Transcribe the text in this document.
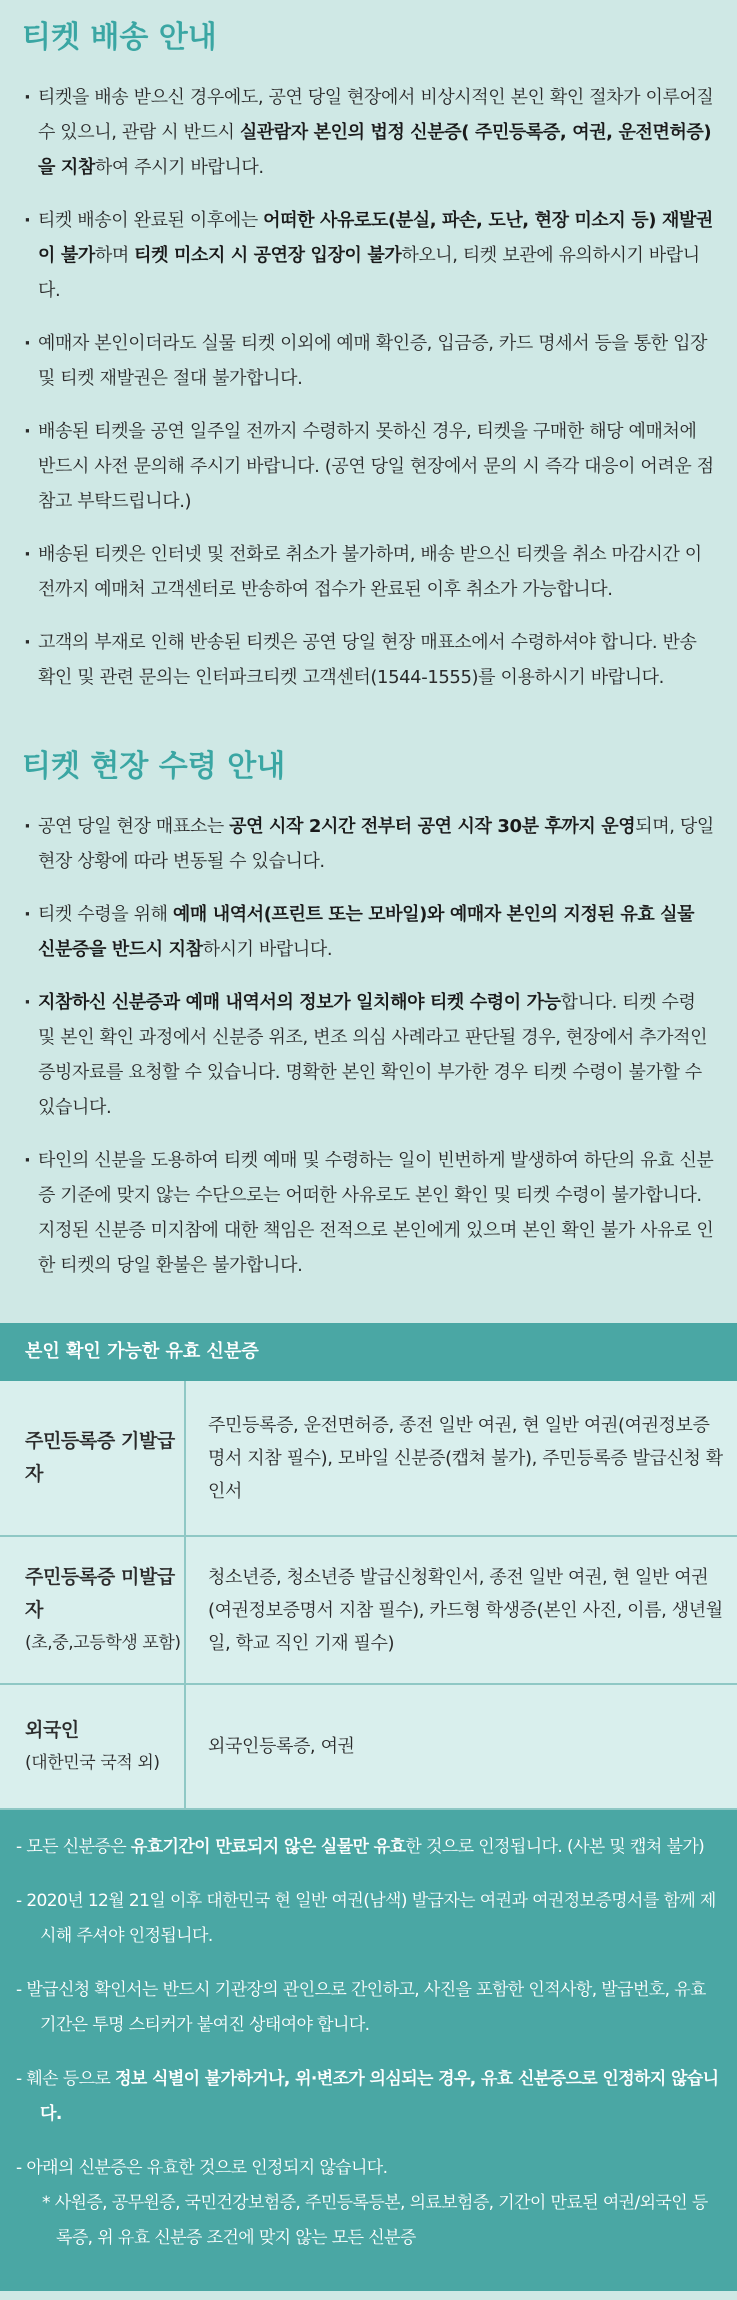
티켓 배송 안내
· 티켓을 배송 받으신 경우에도, 공연 당일 현장에서 비상시적인 본인 확인 절차가 이루어질 수 있으니, 관람 시 반드시 실관람자 본인의 법정 신분증( 주민등록증, 여권, 운전면허증)을 지참하여 주시기 바랍니다.
· 티켓 배송이 완료된 이후에는 어떠한 사유로도(분실, 파손, 도난, 현장 미소지 등) 재발권이 불가하며 티켓 미소지 시 공연장 입장이 불가하오니, 티켓 보관에 유의하시기 바랍니다.
· 예매자 본인이더라도 실물 티켓 이외에 예매 확인증, 입금증, 카드 명세서 등을 통한 입장 및 티켓 재발권은 절대 불가합니다.
· 배송된 티켓을 공연 일주일 전까지 수령하지 못하신 경우, 티켓을 구매한 해당 예매처에 반드시 사전 문의해 주시기 바랍니다. (공연 당일 현장에서 문의 시 즉각 대응이 어려운 점 참고 부탁드립니다.)
· 배송된 티켓은 인터넷 및 전화로 취소가 불가하며, 배송 받으신 티켓을 취소 마감시간 이전까지 예매처 고객센터로 반송하여 접수가 완료된 이후 취소가 가능합니다.
· 고객의 부재로 인해 반송된 티켓은 공연 당일 현장 매표소에서 수령하셔야 합니다. 반송 확인 및 관련 문의는 인터파크티켓 고객센터(1544-1555)를 이용하시기 바랍니다.
티켓 현장 수령 안내
· 공연 당일 현장 매표소는 공연 시작 2시간 전부터 공연 시작 30분 후까지 운영되며, 당일 현장 상황에 따라 변동될 수 있습니다.
· 티켓 수령을 위해 예매 내역서(프린트 또는 모바일)와 예매자 본인의 지정된 유효 실물 신분증을 반드시 지참하시기 바랍니다.
· 지참하신 신분증과 예매 내역서의 정보가 일치해야 티켓 수령이 가능합니다. 티켓 수령 및 본인 확인 과정에서 신분증 위조, 변조 의심 사례라고 판단될 경우, 현장에서 추가적인 증빙자료를 요청할 수 있습니다. 명확한 본인 확인이 부가한 경우 티켓 수령이 불가할 수 있습니다.
· 타인의 신분을 도용하여 티켓 예매 및 수령하는 일이 빈번하게 발생하여 하단의 유효 신분증 기준에 맞지 않는 수단으로는 어떠한 사유로도 본인 확인 및 티켓 수령이 불가합니다. 지정된 신분증 미지참에 대한 책임은 전적으로 본인에게 있으며 본인 확인 불가 사유로 인한 티켓의 당일 환불은 불가합니다.
본인 확인 가능한 유효 신분증
주민등록증 기발급자	주민등록증, 운전면허증, 종전 일반 여권, 현 일반 여권(여권정보증명서 지참 필수), 모바일 신분증(캡쳐 불가), 주민등록증 발급신청 확인서

주민등록증 미발급자
(초,중,고등학생 포함)	청소년증, 청소년증 발급신청확인서, 종전 일반 여권, 현 일반 여권(여권정보증명서 지참 필수), 카드형 학생증(본인 사진, 이름, 생년월일, 학교 직인 기재 필수)

외국인
(대한민국 국적 외)	외국인등록증, 여권
- 모든 신분증은 유효기간이 만료되지 않은 실물만 유효한 것으로 인정됩니다. (사본 및 캡쳐 불가)
- 2020년 12월 21일 이후 대한민국 현 일반 여권(남색) 발급자는 여권과 여권정보증명서를 함께 제시해 주셔야 인정됩니다.
- 발급신청 확인서는 반드시 기관장의 관인으로 간인하고, 사진을 포함한 인적사항, 발급번호, 유효기간은 투명 스티커가 붙여진 상태여야 합니다.
- 훼손 등으로 정보 식별이 불가하거나, 위·변조가 의심되는 경우, 유효 신분증으로 인정하지 않습니다.
- 아래의 신분증은 유효한 것으로 인정되지 않습니다.
* 사원증, 공무원증, 국민건강보험증, 주민등록등본, 의료보험증, 기간이 만료된 여권/외국인 등록증, 위 유효 신분증 조건에 맞지 않는 모든 신분증
